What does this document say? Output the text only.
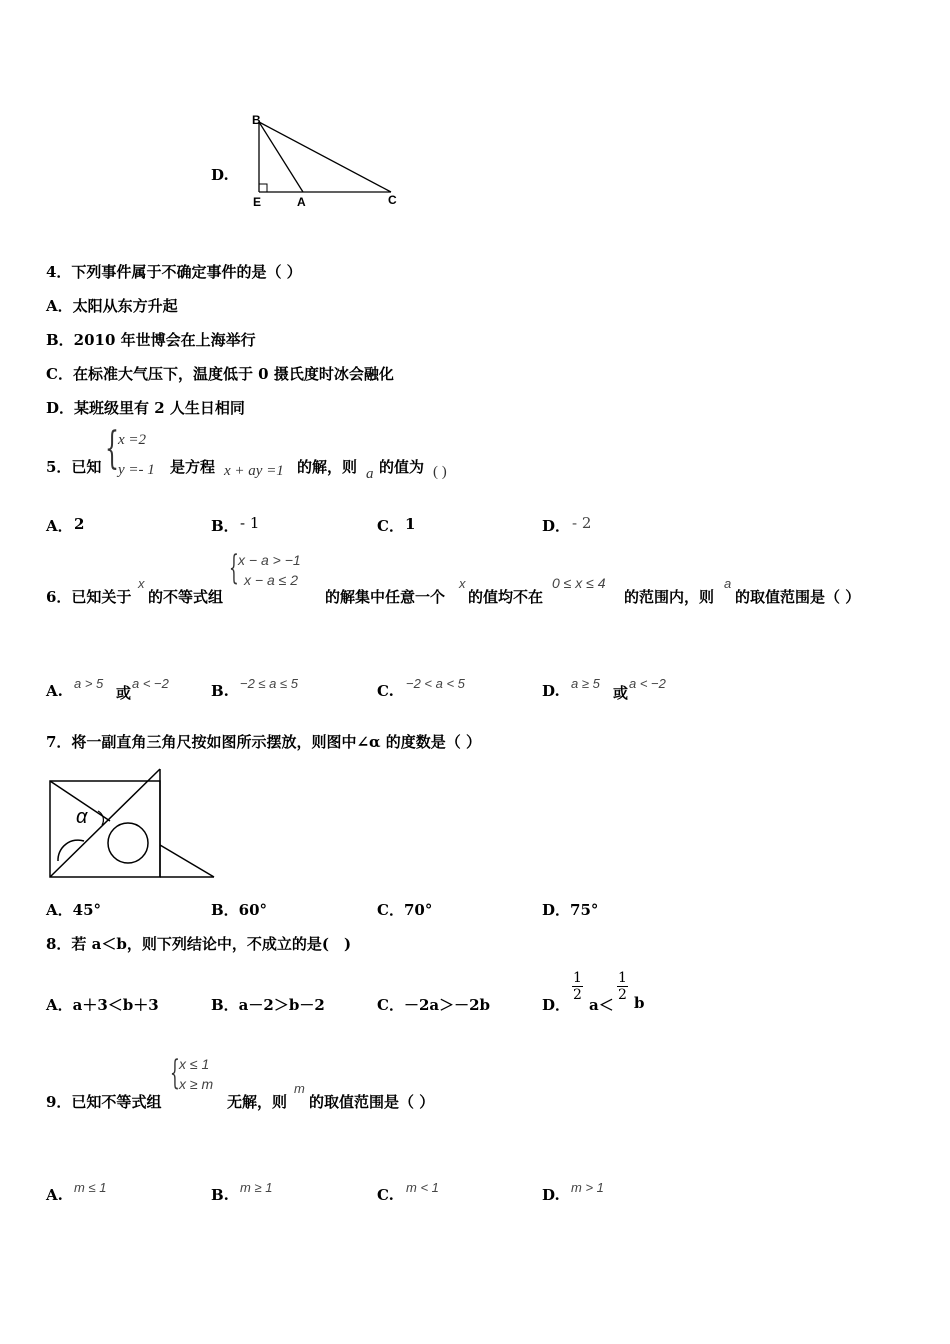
D.
B
E	A	C
4．下列事件属于不确定事件的是（ ）
A．太阳从东方升起
B．2010 年世博会在上海举行
C．在标准大气压下，温度低于 0 摄氏度时冰会融化
D．某班级里有 2 人生日相同
5．已知 { x =2
y =- 1 是方程 x + ay =1 的解，则 a 的值为 ( )
A． 2	B． - 1	C． 1	D． - 2
6．已知关于
x
的不等式组
{ x − a > −1
x − a ≤ 2
的解集中任意一个
x
的值均不在
0 ≤ x ≤ 4
的范围内，则
a
的取值范围是（ ）
A. a > 5
或
a < −2	B. −2 ≤ a ≤ 5	C. −2 < a < 5	D. a ≥ 5
或
a < −2
7．将一副直角三角尺按如图所示摆放，则图中∠α 的度数是（ ）
α
A．45°	B．60°	C．70°	D．75°
8．若 a＜b，则下列结论中，不成立的是(　)
A．a＋3＜b＋3	B．a－2＞b－2	C．－2a＞－2b	D．
$\frac{1}{2}$
a＜
$\frac{1}{2}$ b
9．已知不等式组
{ x ≤ 1
x ≥ m
无解，则
m
的取值范围是（ ）
A. m ≤ 1	B. m ≥ 1	C. m < 1	D. m > 1
